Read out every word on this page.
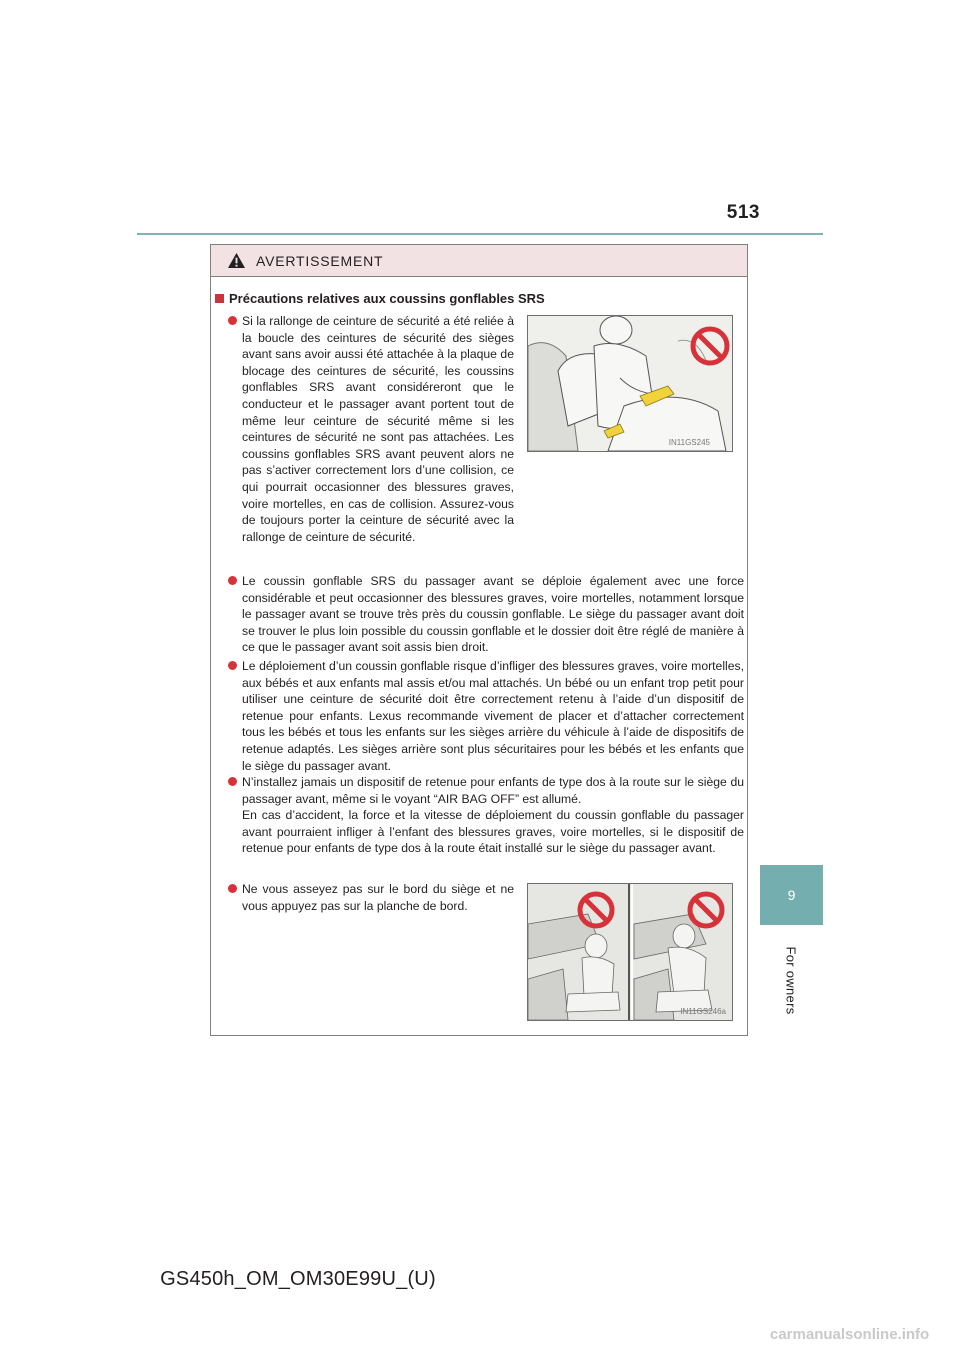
513
9
For owners
AVERTISSEMENT
Précautions relatives aux coussins gonflables SRS

Si la rallonge de ceinture de sécurité a été reliée à la boucle des ceintures de sécurité des sièges avant sans avoir aussi été attachée à la plaque de blocage des ceintures de sécurité, les coussins gonflables SRS avant considéreront que le conducteur et le passager avant portent tout de même leur ceinture de sécurité même si les ceintures de sécurité ne sont pas attachées. Les coussins gonflables SRS avant peuvent alors ne pas s’activer correctement lors d’une collision, ce qui pourrait occasionner des blessures graves, voire mortelles, en cas de collision. Assurez-vous de toujours porter la ceinture de sécurité avec la rallonge de ceinture de sécurité.

IN11GS245

Le coussin gonflable SRS du passager avant se déploie également avec une force considérable et peut occasionner des blessures graves, voire mortelles, notamment lorsque le passager avant se trouve très près du coussin gonflable. Le siège du passager avant doit se trouver le plus loin possible du coussin gonflable et le dossier doit être réglé de manière à ce que le passager avant soit assis bien droit.

Le déploiement d’un coussin gonflable risque d’infliger des blessures graves, voire mortelles, aux bébés et aux enfants mal assis et/ou mal attachés. Un bébé ou un enfant trop petit pour utiliser une ceinture de sécurité doit être correctement retenu à l’aide d’un dispositif de retenue pour enfants. Lexus recommande vivement de placer et d’attacher correctement tous les bébés et tous les enfants sur les sièges arrière du véhicule à l’aide de dispositifs de retenue adaptés. Les sièges arrière sont plus sécuritaires pour les bébés et les enfants que le siège du passager avant.

N’installez jamais un dispositif de retenue pour enfants de type dos à la route sur le siège du passager avant, même si le voyant “AIR BAG OFF” est allumé.

En cas d’accident, la force et la vitesse de déploiement du coussin gonflable du passager avant pourraient infliger à l’enfant des blessures graves, voire mortelles, si le dispositif de retenue pour enfants de type dos à la route était installé sur le siège du passager avant.

Ne vous asseyez pas sur le bord du siège et ne vous appuyez pas sur la planche de bord.

IN11GS246a
GS450h_OM_OM30E99U_(U)
carmanualsonline.info
